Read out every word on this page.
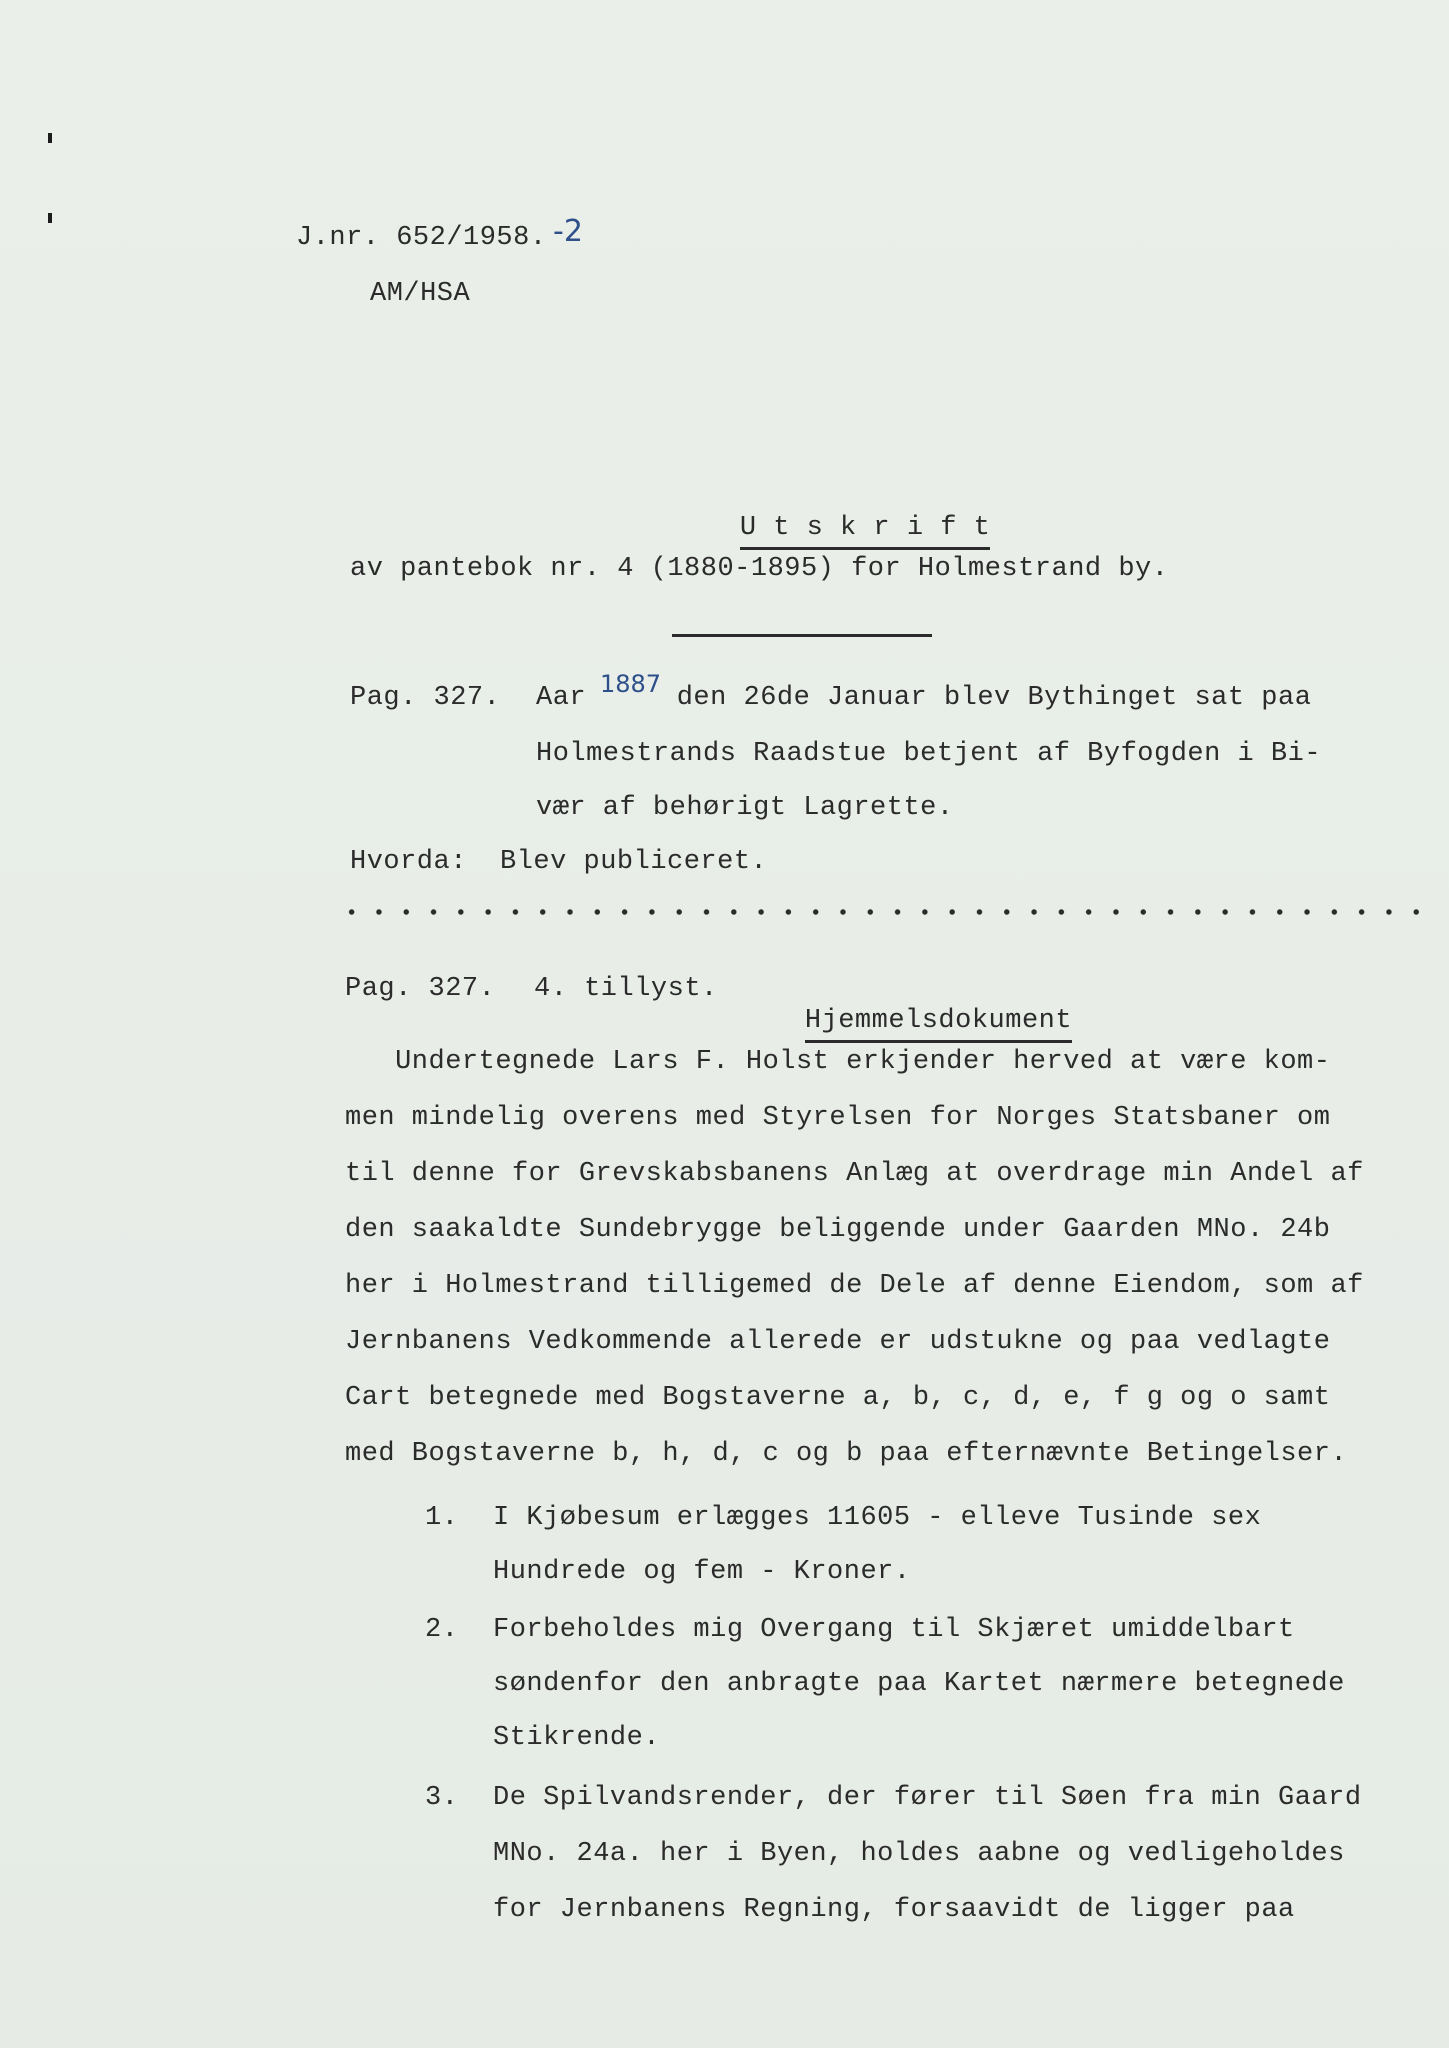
J.nr. 652/1958. -2
AM/HSA

U t s k r i f t

av pantebok nr. 4 (1880-1895) for Holmestrand by.
Pag. 327. Aar 1887
den 26de Januar blev Bythinget sat paa
Holmestrands Raadstue betjent af Byfogden i Bi-
vær af behørigt Lagrette.
Hvorda: Blev publiceret.
Pag. 327. 4. tillyst.

Hjemmelsdokument

Undertegnede Lars F. Holst erkjender herved at være kom-
men mindelig overens med Styrelsen for Norges Statsbaner om
til denne for Grevskabsbanens Anlæg at overdrage min Andel af
den saakaldte Sundebrygge beliggende under Gaarden MNo. 24b
her i Holmestrand tilligemed de Dele af denne Eiendom, som af
Jernbanens Vedkommende allerede er udstukne og paa vedlagte
Cart betegnede med Bogstaverne a, b, c, d, e, f g og o samt
med Bogstaverne b, h, d, c og b paa efternævnte Betingelser.
1. I Kjøbesum erlægges 11605 - elleve Tusinde sex
Hundrede og fem - Kroner.
2. Forbeholdes mig Overgang til Skjæret umiddelbart
søndenfor den anbragte paa Kartet nærmere betegnede
Stikrende.
3. De Spilvandsrender, der fører til Søen fra min Gaard
MNo. 24a. her i Byen, holdes aabne og vedligeholdes
for Jernbanens Regning, forsaavidt de ligger paa
